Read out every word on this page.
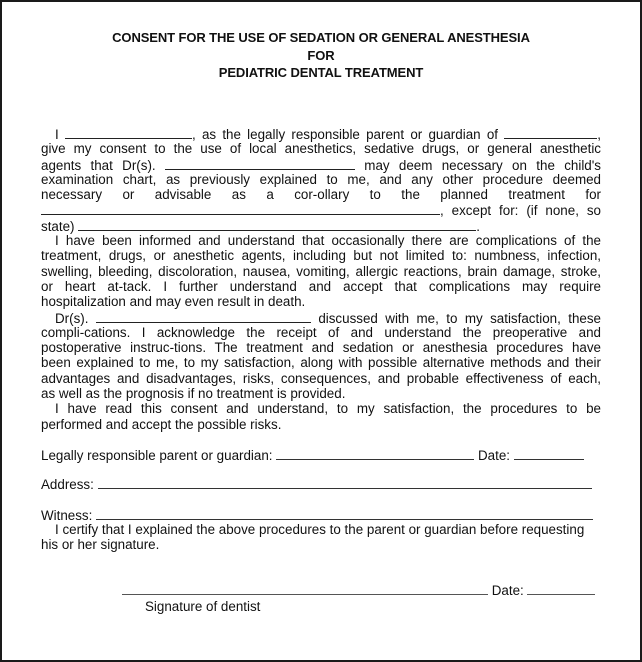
CONSENT FOR THE USE OF SEDATION OR GENERAL ANESTHESIA
FOR
PEDIATRIC DENTAL TREATMENT
I	, as the legally responsible parent or guardian of	,
give my consent to the use of local anesthetics, sedative drugs, or general anesthetic
agents that Dr(s).	may deem necessary on the child's
examination chart, as previously explained to me, and any other procedure deemed
necessary or advisable as a cor-ollary to the planned treatment for
, except for: (if none, so
state)	.
I have been informed and understand that occasionally there are complications of the
treatment, drugs, or anesthetic agents, including but not limited to: numbness, infection,
swelling, bleeding, discoloration, nausea, vomiting, allergic reactions, brain damage, stroke,
or heart at-tack. I further understand and accept that complications may require
hospitalization and may even result in death.
Dr(s).	discussed with me, to my satisfaction, these
compli-cations. I acknowledge the receipt of and understand the preoperative and
postoperative instruc-tions. The treatment and sedation or anesthesia procedures have
been explained to me, to my satisfaction, along with possible alternative methods and their
advantages and disadvantages, risks, consequences, and probable effectiveness of each,
as well as the prognosis if no treatment is provided.
I have read this consent and understand, to my satisfaction, the procedures to be
performed and accept the possible risks.
Legally responsible parent or guardian:	Date:
Address:
Witness:
I certify that I explained the above procedures to the parent or guardian before requesting
his or her signature.
Date:
Signature of dentist
